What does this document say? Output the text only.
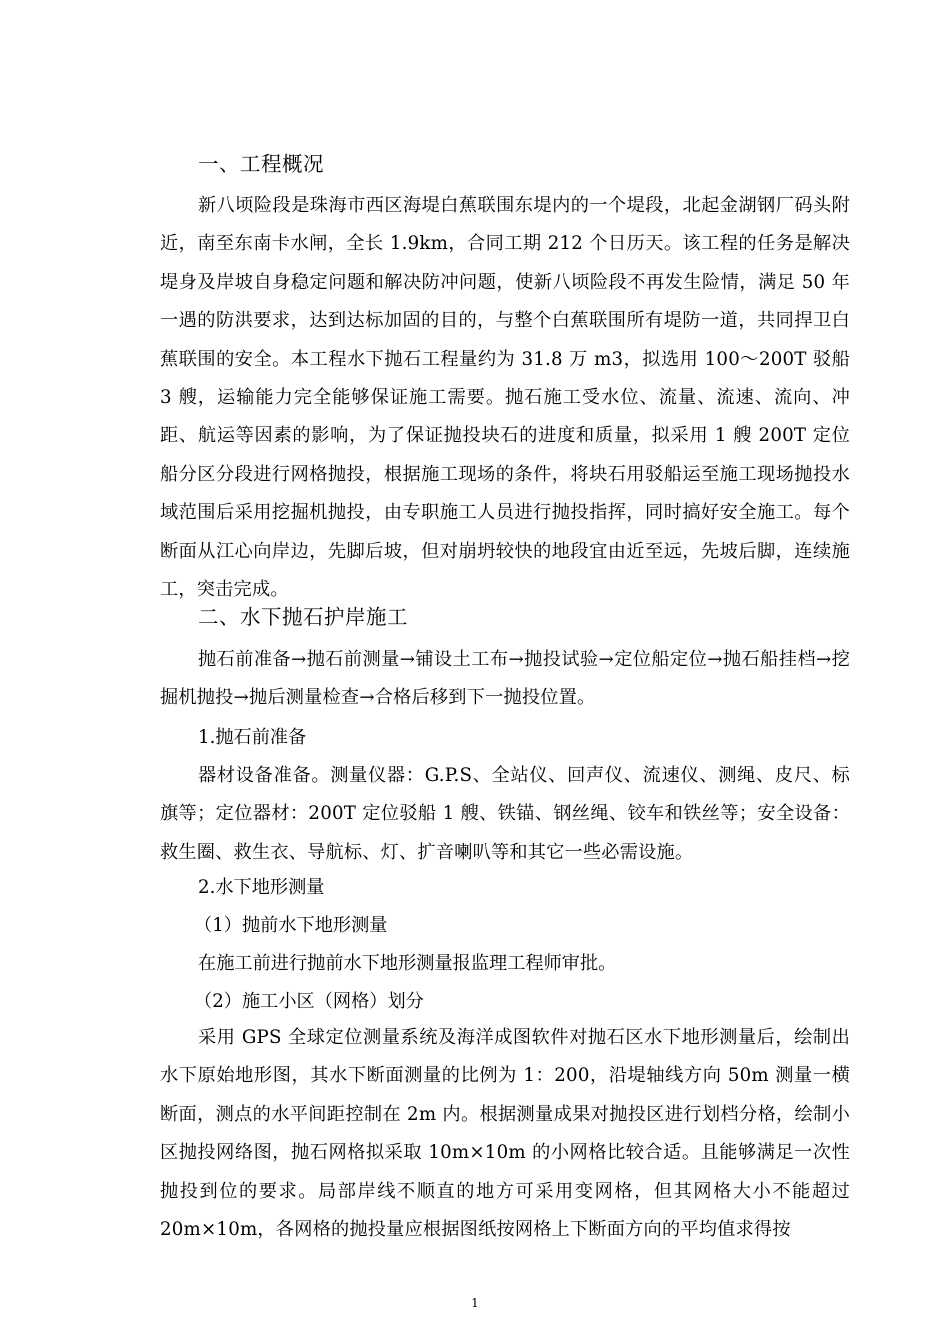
一、工程概况

新八顷险段是珠海市西区海堤白蕉联围东堤内的一个堤段，北起金湖钢厂码头附近，南至东南卡水闸，全长 1.9km，合同工期 212 个日历天。该工程的任务是解决堤身及岸坡自身稳定问题和解决防冲问题，使新八顷险段不再发生险情，满足 50 年一遇的防洪要求，达到达标加固的目的，与整个白蕉联围所有堤防一道，共同捍卫白蕉联围的安全。本工程水下抛石工程量约为 31.8 万 m3，拟选用 100～200T 驳船 3 艘，运输能力完全能够保证施工需要。抛石施工受水位、流量、流速、流向、冲距、航运等因素的影响，为了保证抛投块石的进度和质量，拟采用 1 艘 200T 定位船分区分段进行网格抛投，根据施工现场的条件，将块石用驳船运至施工现场抛投水域范围后采用挖掘机抛投，由专职施工人员进行抛投指挥，同时搞好安全施工。每个断面从江心向岸边，先脚后坡，但对崩坍较快的地段宜由近至远，先坡后脚，连续施工，突击完成。

二、水下抛石护岸施工

抛石前准备→抛石前测量→铺设土工布→抛投试验→定位船定位→抛石船挂档→挖掘机抛投→抛后测量检查→合格后移到下一抛投位置。

1.抛石前准备

器材设备准备。测量仪器：G.P.S、全站仪、回声仪、流速仪、测绳、皮尺、标旗等；定位器材：200T 定位驳船 1 艘、铁锚、钢丝绳、铰车和铁丝等；安全设备：救生圈、救生衣、导航标、灯、扩音喇叭等和其它一些必需设施。

2.水下地形测量

（1）抛前水下地形测量

在施工前进行抛前水下地形测量报监理工程师审批。

（2）施工小区（网格）划分

采用 GPS 全球定位测量系统及海洋成图软件对抛石区水下地形测量后，绘制出水下原始地形图，其水下断面测量的比例为 1：200，沿堤轴线方向 50m 测量一横断面，测点的水平间距控制在 2m 内。根据测量成果对抛投区进行划档分格，绘制小区抛投网络图，抛石网格拟采取 10m×10m 的小网格比较合适。且能够满足一次性抛投到位的要求。局部岸线不顺直的地方可采用变网格，但其网格大小不能超过 20m×10m，各网格的抛投量应根据图纸按网格上下断面方向的平均值求得按

1
